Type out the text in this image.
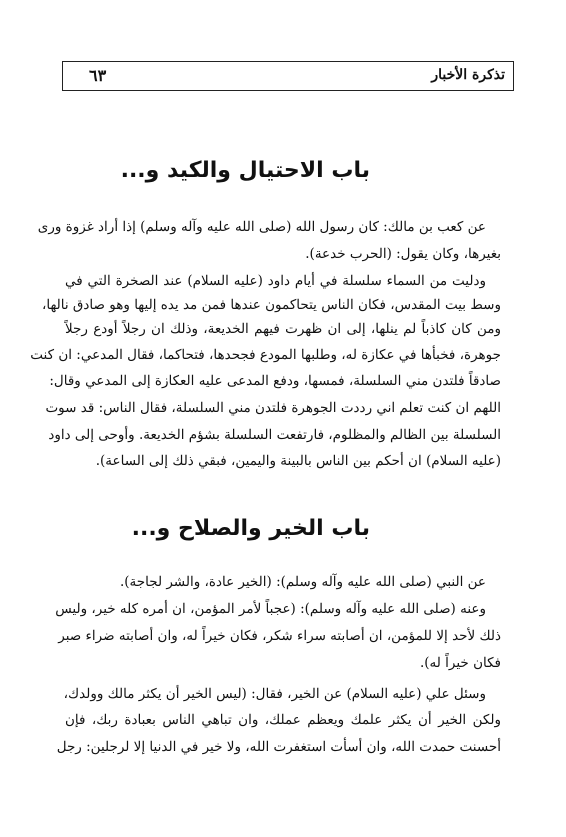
تذكرة الأخبار
٦٣
باب الاحتيال والكيد و...
عن كعب بن مالك: كان رسول الله (صلى الله عليه وآله وسلم) إذا أراد غزوة ورى
بغيرها، وكان يقول: (الحرب خدعة).
ودليت من السماء سلسلة في أيام داود (عليه السلام) عند الصخرة التي في
وسط بيت المقدس، فكان الناس يتحاكمون عندها فمن مد يده إليها وهو صادق نالها،
ومن كان كاذباً لم ينلها، إلى ان ظهرت فيهم الخديعة، وذلك ان رجلاً أودع رجلاً
جوهرة، فخبأها في عكازة له، وطلبها المودع فجحدها، فتحاكما، فقال المدعي: ان كنت
صادقاً فلتدن مني السلسلة، فمسها، ودفع المدعى عليه العكازة إلى المدعي وقال:
اللهم ان كنت تعلم اني رددت الجوهرة فلتدن مني السلسلة، فقال الناس: قد سوت
السلسلة بين الظالم والمظلوم، فارتفعت السلسلة بشؤم الخديعة. وأوحى إلى داود
(عليه السلام) ان أحكم بين الناس بالبينة واليمين، فبقي ذلك إلى الساعة).
باب الخير والصلاح و...
عن النبي (صلى الله عليه وآله وسلم): (الخير عادة، والشر لجاجة).
وعنه (صلى الله عليه وآله وسلم): (عجباً لأمر المؤمن، ان أمره كله خير، وليس
ذلك لأحد إلا للمؤمن، ان أصابته سراء شكر، فكان خيراً له، وان أصابته ضراء صبر
فكان خيراً له).
وسئل علي (عليه السلام) عن الخير، فقال: (ليس الخير أن يكثر مالك وولدك،
ولكن الخير أن يكثر علمك ويعظم عملك، وان تباهي الناس بعبادة ربك، فإن
أحسنت حمدت الله، وان أسأت استغفرت الله، ولا خير في الدنيا إلا لرجلين: رجل
